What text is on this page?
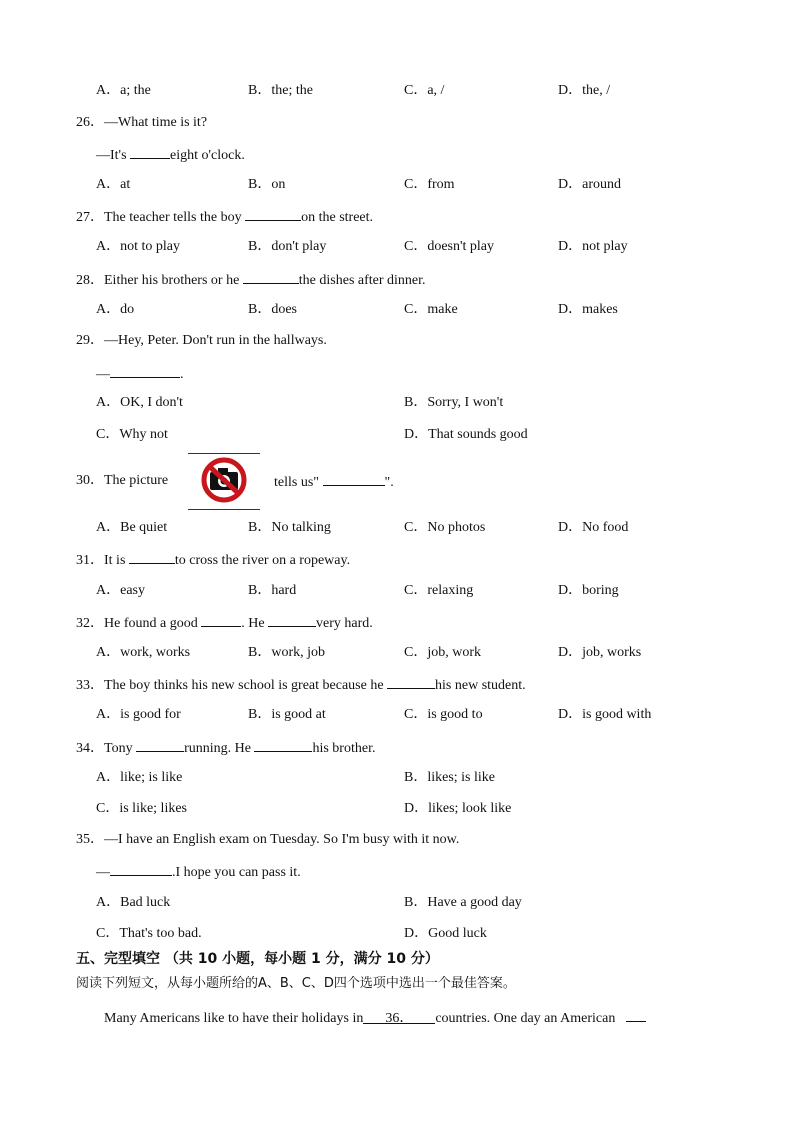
A．a; the	B．the; the	C．a, /	D．the, /
26．—What time is it?
—It's	eight o'clock.
A．at	B．on	C．from	D．around
27．The teacher tells the boy	on the street.
A．not to play	B．don't play	C．doesn't play	D．not play
28．Either his brothers or he	the dishes after dinner.
A．do	B．does	C．make	D．makes
29．—Hey, Peter. Don't run in the hallways.
—	.
A．OK, I don't	B．Sorry, I won't
C．Why not	D．That sounds good
30．The picture	tells us"	".
A．Be quiet	B．No talking	C．No photos	D．No food
31．It is	to cross the river on a ropeway.
A．easy	B．hard	C．relaxing	D．boring
32．He found a good	. He	very hard.
A．work, works	B．work, job	C．job, work	D．job, works
33．The boy thinks his new school is great because he	his new student.
A．is good for	B．is good at	C．is good to	D．is good with
34．Tony	running. He	his brother.
A．like; is like	B．likes; is like
C．is like; likes	D．likes; look like
35．—I have an English exam on Tuesday. So I'm busy with it now.
—	.I hope you can pass it.
A．Bad luck	B．Have a good day
C．That's too bad.	D．Good luck
五、完型填空 （共 10 小题，每小题 1 分，满分 10 分）
阅读下列短文，从每小题所给的A、B、C、D四个选项中选出一个最佳答案。
Many Americans like to have their holidays in 36． countries. One day an American
